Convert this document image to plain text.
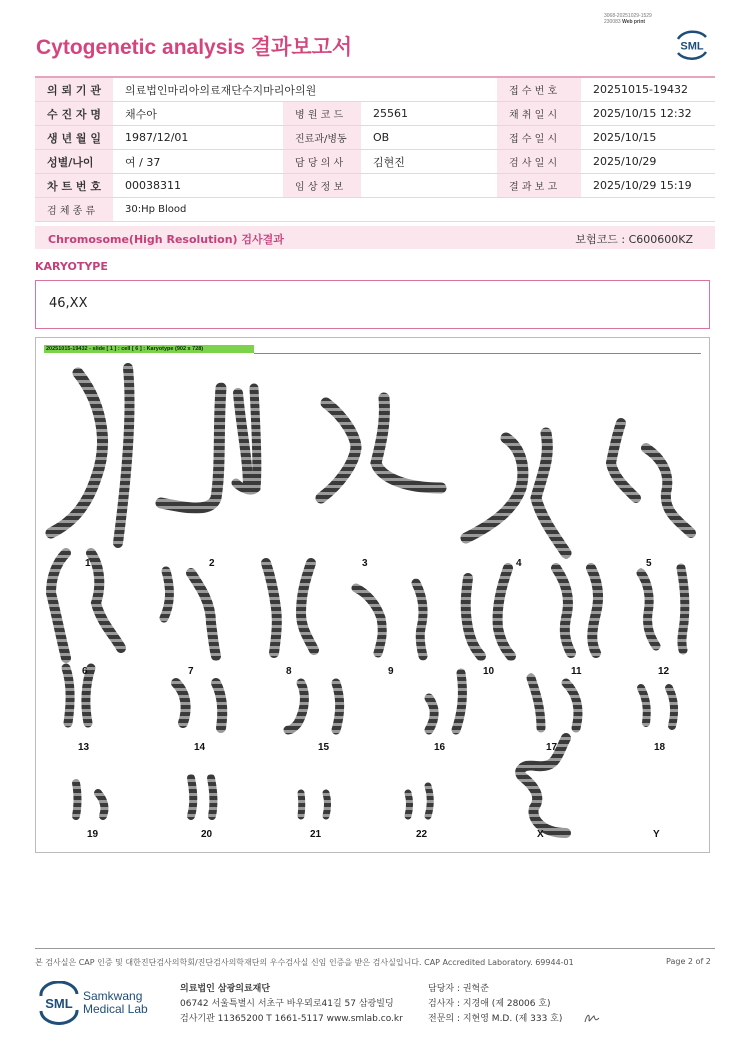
3068-20251029-1529
230083 Web print
Cytogenetic analysis 결과보고서	SML
의 뢰 기 관	의료법인마리아의료재단수지마리아의원			접 수 번 호	20251015-19432
수 진 자 명	채수아	병 원 코 드	25561	채 취 일 시	2025/10/15 12:32
생 년 월 일	1987/12/01	진료과/병동	OB	접 수 일 시	2025/10/15
성별/나이	여 / 37	담 당 의 사	김현진	검 사 일 시	2025/10/29
차 트 번 호	00038311	임 상 정 보		결 과 보 고	2025/10/29 15:19
검 체 종 류	30:Hp Blood				
Chromosome(High Resolution) 검사결과	보험코드 : C600600KZ
KARYOTYPE
46,XX
20251015-19432 - slide [ 1 ] : cell [ 6 ] : Karyotype (902 x 728)
1	2	3	4	5
6	7	8	9	10	11	12
13	14	15	16	17	18
19	20	21	22	X	Y
본 검사실은 CAP 인증 및 대한진단검사의학회/진단검사의학재단의 우수검사실 신임 인증을 받은 검사실입니다. CAP Accredited Laboratory. 69944-01	Page 2 of 2
SML Samkwang
Medical Lab
의료법인 삼광의료재단
06742 서울특별시 서초구 바우뫼로41길 57 삼광빌딩
검사기관 11365200 T 1661-5117 www.smlab.co.kr
담당자 : 권혁준
검사자 : 지경애 (제 28006 호)
전문의 : 지현영 M.D. (제 333 호)
